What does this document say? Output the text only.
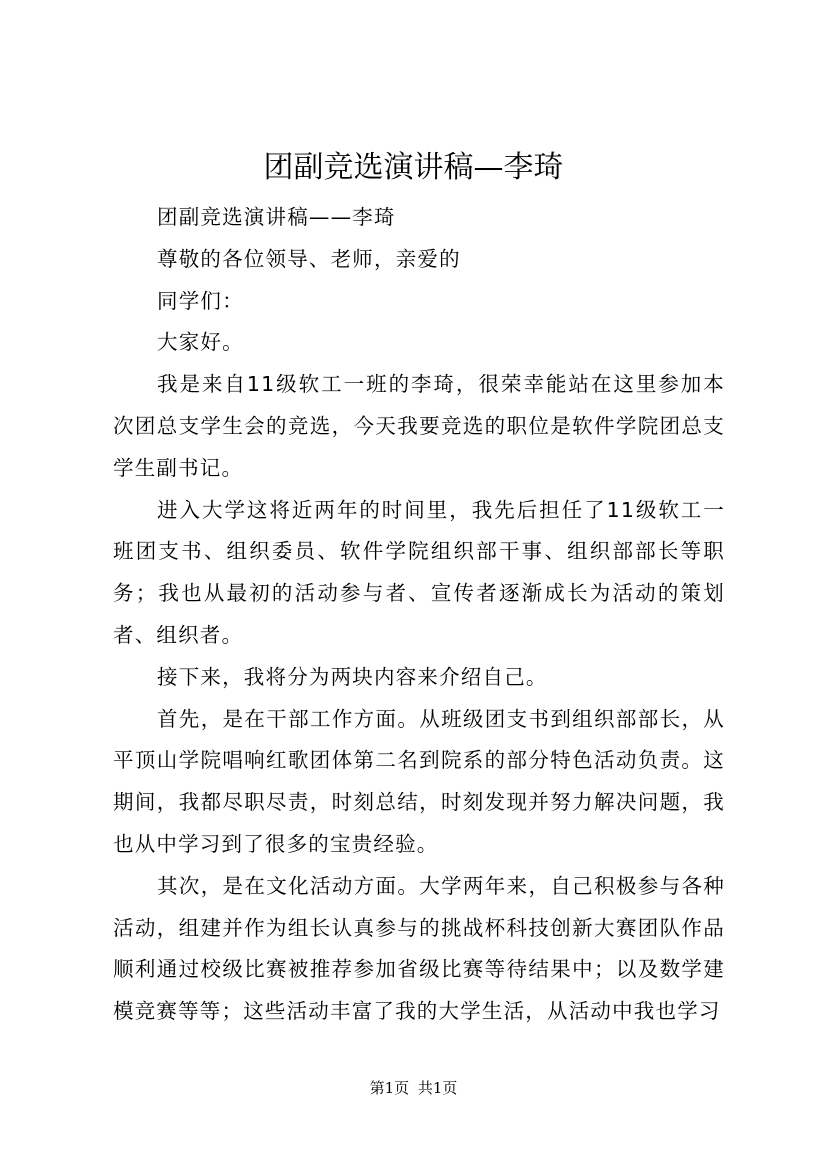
团副竞选演讲稿—李琦

团副竞选演讲稿——李琦

尊敬的各位领导、老师，亲爱的

同学们：

大家好。

我是来自11级软工一班的李琦，很荣幸能站在这里参加本次团总支学生会的竞选，今天我要竞选的职位是软件学院团总支学生副书记。

进入大学这将近两年的时间里，我先后担任了11级软工一班团支书、组织委员、软件学院组织部干事、组织部部长等职务；我也从最初的活动参与者、宣传者逐渐成长为活动的策划者、组织者。

接下来，我将分为两块内容来介绍自己。

首先，是在干部工作方面。从班级团支书到组织部部长，从平顶山学院唱响红歌团体第二名到院系的部分特色活动负责。这期间，我都尽职尽责，时刻总结，时刻发现并努力解决问题，我也从中学习到了很多的宝贵经验。

其次，是在文化活动方面。大学两年来，自己积极参与各种活动，组建并作为组长认真参与的挑战杯科技创新大赛团队作品顺利通过校级比赛被推荐参加省级比赛等待结果中；以及数学建模竞赛等等；这些活动丰富了我的大学生活，从活动中我也学习

第1页 共1页
